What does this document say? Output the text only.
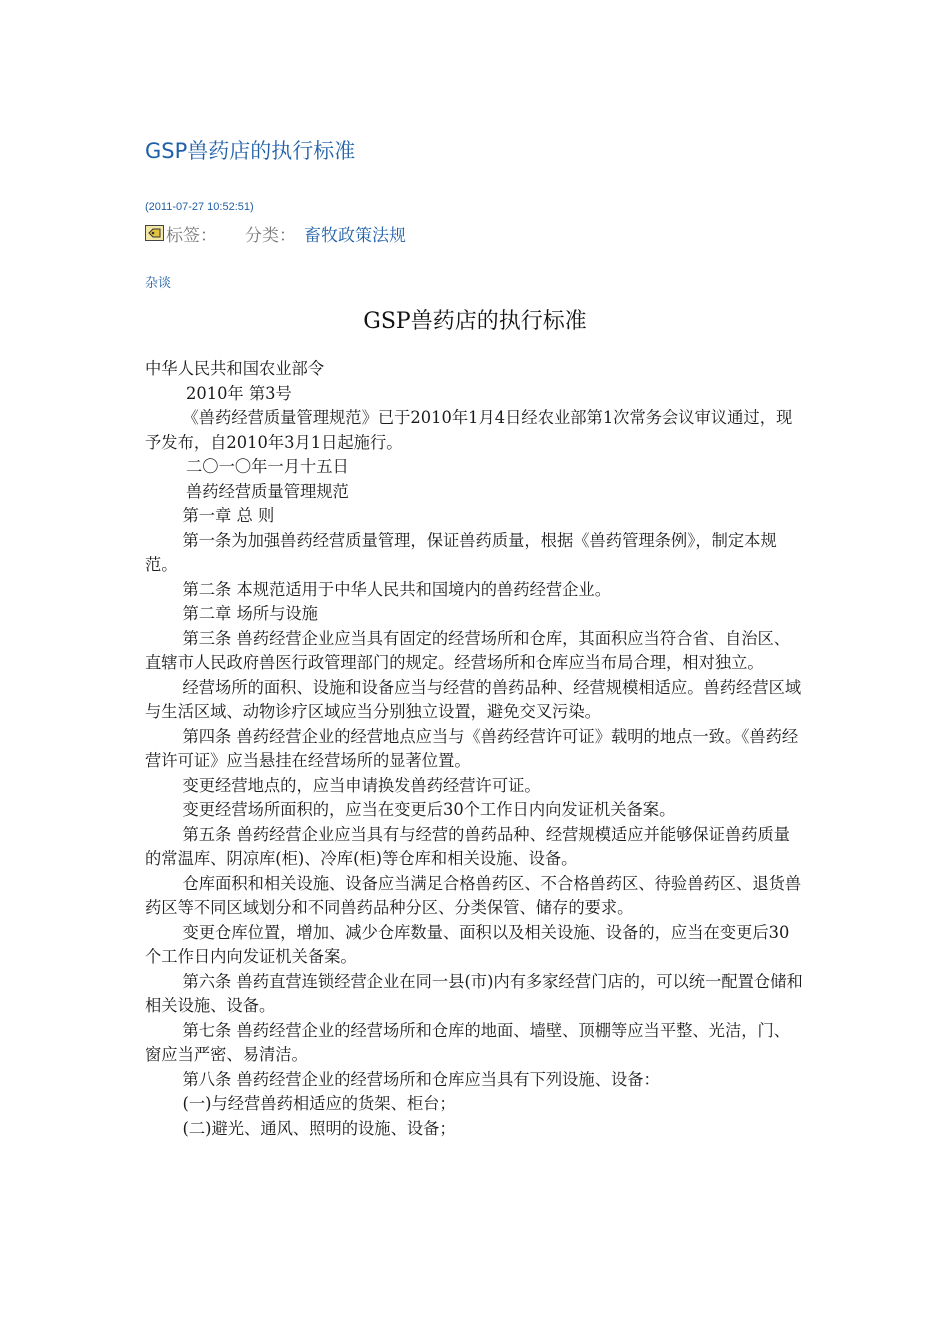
GSP兽药店的执行标准
(2011-07-27 10:52:51)
标签： 分类： 畜牧政策法规
杂谈
GSP兽药店的执行标准

中华人民共和国农业部令

2010年 第3号

《兽药经营质量管理规范》已于2010年1月4日经农业部第1次常务会议审议通过，现予发布，自2010年3月1日起施行。

二〇一〇年一月十五日

兽药经营质量管理规范

第一章 总 则

第一条为加强兽药经营质量管理，保证兽药质量，根据《兽药管理条例》，制定本规范。

第二条 本规范适用于中华人民共和国境内的兽药经营企业。

第二章 场所与设施

第三条 兽药经营企业应当具有固定的经营场所和仓库，其面积应当符合省、自治区、直辖市人民政府兽医行政管理部门的规定。经营场所和仓库应当布局合理，相对独立。

经营场所的面积、设施和设备应当与经营的兽药品种、经营规模相适应。兽药经营区域与生活区域、动物诊疗区域应当分别独立设置，避免交叉污染。

第四条 兽药经营企业的经营地点应当与《兽药经营许可证》载明的地点一致。《兽药经营许可证》应当悬挂在经营场所的显著位置。

变更经营地点的，应当申请换发兽药经营许可证。

变更经营场所面积的，应当在变更后30个工作日内向发证机关备案。

第五条 兽药经营企业应当具有与经营的兽药品种、经营规模适应并能够保证兽药质量的常温库、阴凉库(柜)、冷库(柜)等仓库和相关设施、设备。

仓库面积和相关设施、设备应当满足合格兽药区、不合格兽药区、待验兽药区、退货兽药区等不同区域划分和不同兽药品种分区、分类保管、储存的要求。

变更仓库位置，增加、减少仓库数量、面积以及相关设施、设备的，应当在变更后30个工作日内向发证机关备案。

第六条 兽药直营连锁经营企业在同一县(市)内有多家经营门店的，可以统一配置仓储和相关设施、设备。

第七条 兽药经营企业的经营场所和仓库的地面、墙壁、顶棚等应当平整、光洁，门、窗应当严密、易清洁。

第八条 兽药经营企业的经营场所和仓库应当具有下列设施、设备：

(一)与经营兽药相适应的货架、柜台；

(二)避光、通风、照明的设施、设备；
